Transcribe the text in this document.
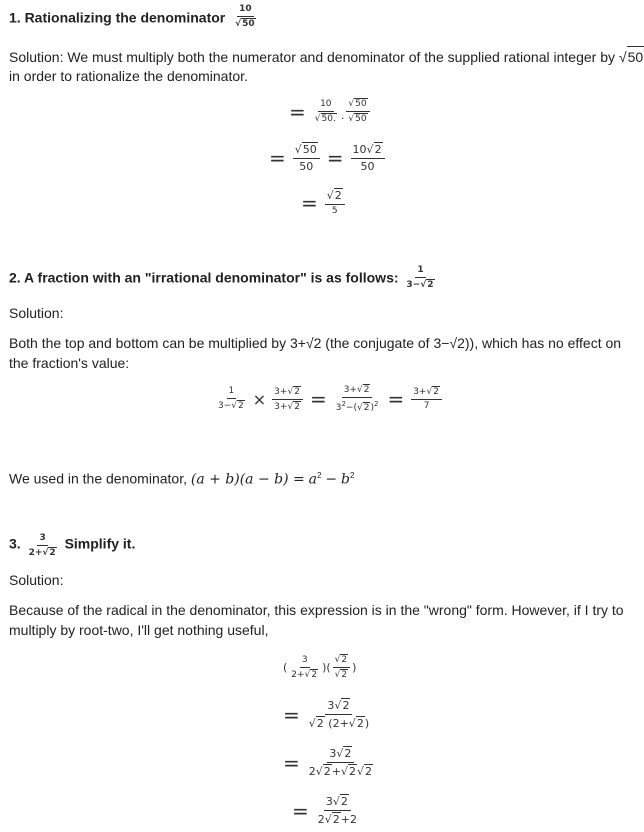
1. Rationalizing the denominator $\frac{10}{√ 50}$
Solution: We must multiply both the numerator and denominator of the supplied rational integer by √ 50
in order to rationalize the denominator.
= $\frac{10}{√ 50.}$ . $\frac{√ 50}{√ 50}$
= $\frac{√ 50}{50} = \frac{10 √ 2}{50}$
= $\frac{√ 2}{5}$
2. A fraction with an "irrational denominator" is as follows: $\frac{1}{3- √ 2}$
Solution:
Both the top and bottom can be multiplied by 3+√2 (the conjugate of 3−√2)), which has no effect on the fraction's value:
$\frac{1}{3- √ 2} \times \frac{3+ √ 2}{3+ √ 2} = \frac{3+ √ 2}{3^2-( √ 2 )^2} = \frac{3+ √ 2}{7}$
We used in the denominator, $(a + b)(a - b) = a^2 - b^2$
3. $\frac{3}{2+ √ 2}$ Simplify it.
Solution:
Because of the radical in the denominator, this expression is in the "wrong" form. However, if I try to multiply by root-two, I'll get nothing useful,
( $\frac{3}{2+ √ 2}$ ) ( $\frac{√ 2}{√ 2}$ )
= $\frac{3 √ 2}{√ 2 (2+ √ 2 )}$
= $\frac{3 √ 2}{2 √ 2 + √ 2 √ 2}$
= $\frac{3 √ 2}{2 √ 2 +2}$
